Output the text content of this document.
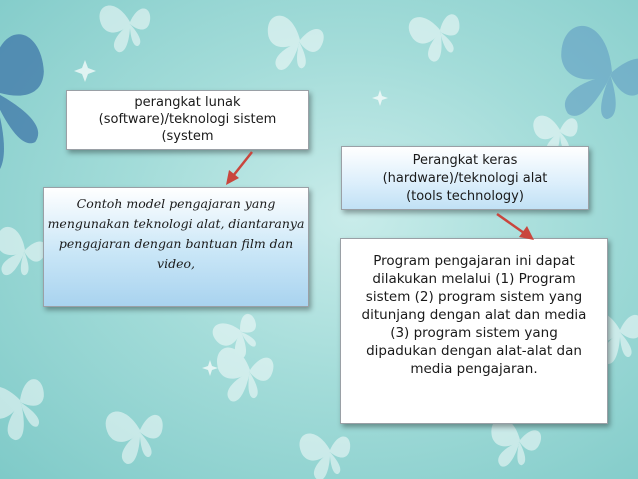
perangkat lunak
(software)/teknologi sistem
(system
Contoh model pengajaran yang
mengunakan teknologi alat, diantaranya
pengajaran dengan bantuan film dan
video,
Perangkat keras
(hardware)/teknologi alat
(tools technology)
Program pengajaran ini dapat
dilakukan melalui (1) Program
sistem (2) program sistem yang
ditunjang dengan alat dan media
(3) program sistem yang
dipadukan dengan alat-alat dan
media pengajaran.
